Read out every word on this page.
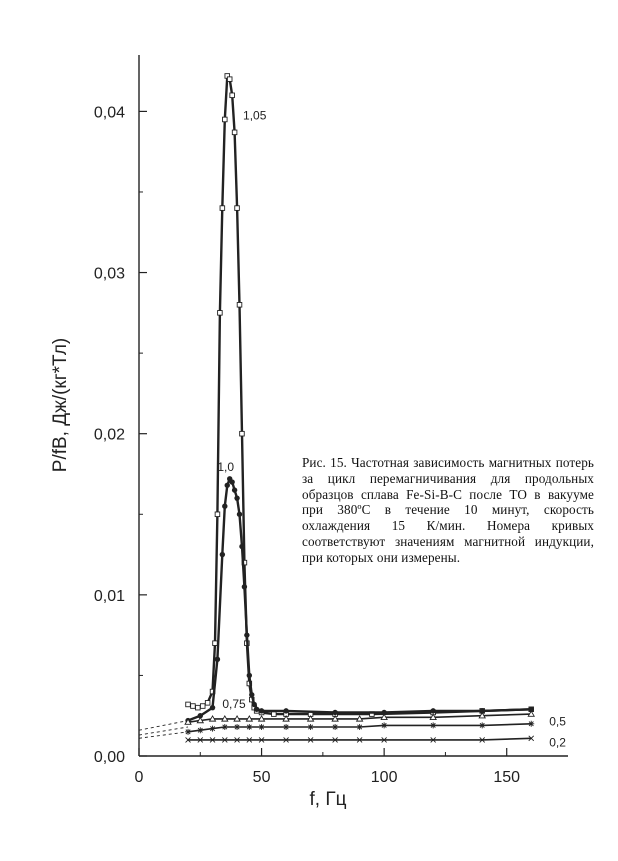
0,00
0,01
0,02
0,03
0,04
0	50	100	150
1,05
1,0
0,75
0,5
0,2
f, Гц
P/fB, Дж/(кг*Тл)	Рис. 15. Частотная зависимость магнитных потерь за цикл перемагничивания для продольных образцов сплава Fe-Si-B-C после ТО в вакууме при 380ºС в течение 10 минут, скорость охлаждения 15 К/мин. Номера кривых соответствуют значениям магнитной индукции, при которых они измерены.
